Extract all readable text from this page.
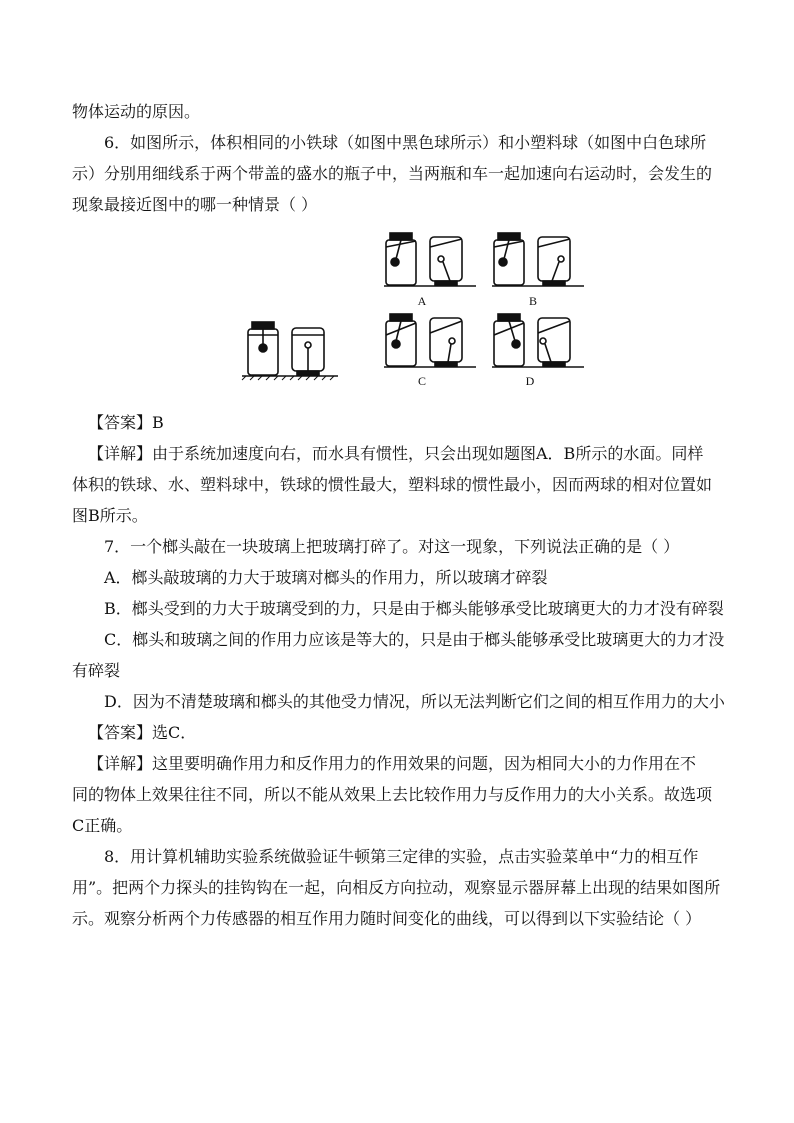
物体运动的原因。
6．如图所示，体积相同的小铁球（如图中黑色球所示）和小塑料球（如图中白色球所
示）分别用细线系于两个带盖的盛水的瓶子中，当两瓶和车一起加速向右运动时，会发生的
现象最接近图中的哪一种情景（ ）
A	B
C	D
【答案】B
【详解】由于系统加速度向右，而水具有惯性，只会出现如题图A．B所示的水面。同样
体积的铁球、水、塑料球中，铁球的惯性最大，塑料球的惯性最小，因而两球的相对位置如
图B所示。
7．一个榔头敲在一块玻璃上把玻璃打碎了。对这一现象，下列说法正确的是（ ）
A．榔头敲玻璃的力大于玻璃对榔头的作用力，所以玻璃才碎裂
B．榔头受到的力大于玻璃受到的力，只是由于榔头能够承受比玻璃更大的力才没有碎裂
C．榔头和玻璃之间的作用力应该是等大的，只是由于榔头能够承受比玻璃更大的力才没
有碎裂
D．因为不清楚玻璃和榔头的其他受力情况，所以无法判断它们之间的相互作用力的大小
【答案】选C．
【详解】这里要明确作用力和反作用力的作用效果的问题，因为相同大小的力作用在不
同的物体上效果往往不同，所以不能从效果上去比较作用力与反作用力的大小关系。故选项
C正确。
8．用计算机辅助实验系统做验证牛顿第三定律的实验，点击实验菜单中“力的相互作
用”。把两个力探头的挂钩钩在一起，向相反方向拉动，观察显示器屏幕上出现的结果如图所
示。观察分析两个力传感器的相互作用力随时间变化的曲线，可以得到以下实验结论（ ）
